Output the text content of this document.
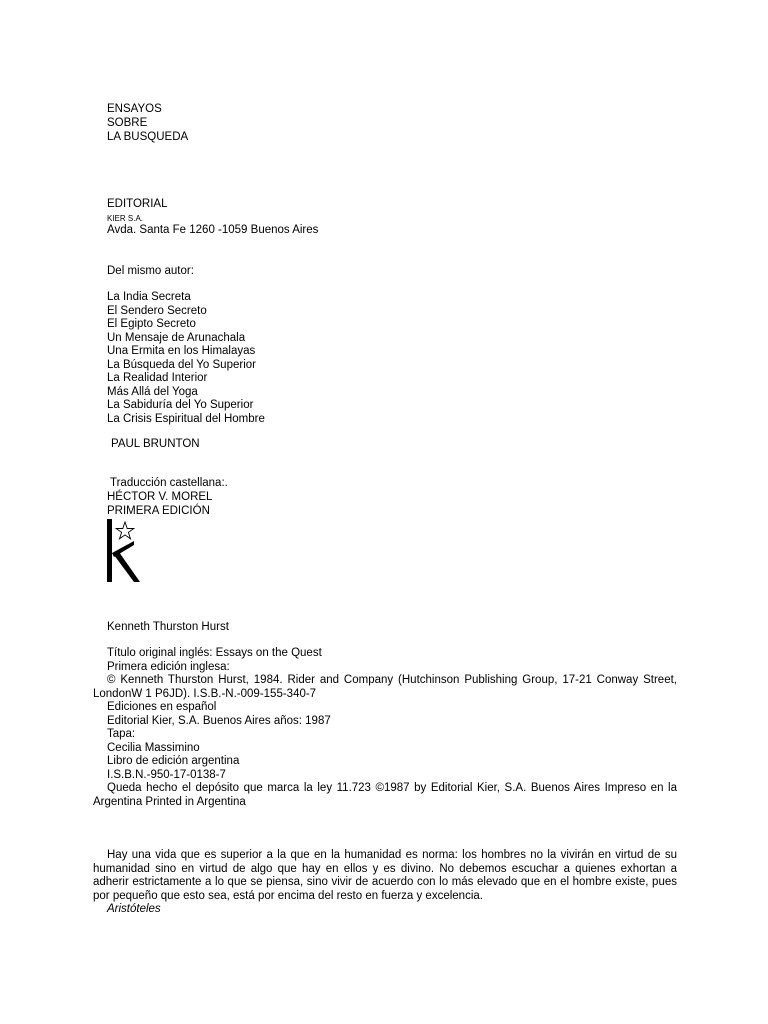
ENSAYOS
SOBRE
LA BUSQUEDA
EDITORIAL
KIER S.A.
Avda. Santa Fe 1260 -1059 Buenos Aires
Del mismo autor:
La India Secreta
El Sendero Secreto
El Egipto Secreto
Un Mensaje de Arunachala
Una Ermita en los Himalayas
La Búsqueda del Yo Superior
La Realidad Interior
Más Allá del Yoga
La Sabiduría del Yo Superior
La Crisis Espiritual del Hombre
PAUL BRUNTON
Traducción castellana:.
HÉCTOR V. MOREL
PRIMERA EDICIÓN
Kenneth Thurston Hurst
Título original inglés: Essays on the Quest
Primera edición inglesa:

© Kenneth Thurston Hurst, 1984. Rider and Company (Hutchinson Publishing Group, 17-21 Conway Street, LondonW 1 P6JD). I.S.B.-N.-009-155-340-7

Ediciones en español
Editorial Kier, S.A. Buenos Aires años: 1987
Tapa:
Cecilia Massimino
Libro de edición argentina
I.S.B.N.-950-17-0138-7

Queda hecho el depósito que marca la ley 11.723 ©1987 by Editorial Kier, S.A. Buenos Aires Impreso en la Argentina Printed in Argentina

Hay una vida que es superior a la que en la humanidad es norma: los hombres no la vivirán en virtud de su humanidad sino en virtud de algo que hay en ellos y es divino. No debemos escuchar a quienes exhortan a adherir estrictamente a lo que se piensa, sino vivir de acuerdo con lo más elevado que en el hombre existe, pues por pequeño que esto sea, está por encima del resto en fuerza y excelencia.

Aristóteles
